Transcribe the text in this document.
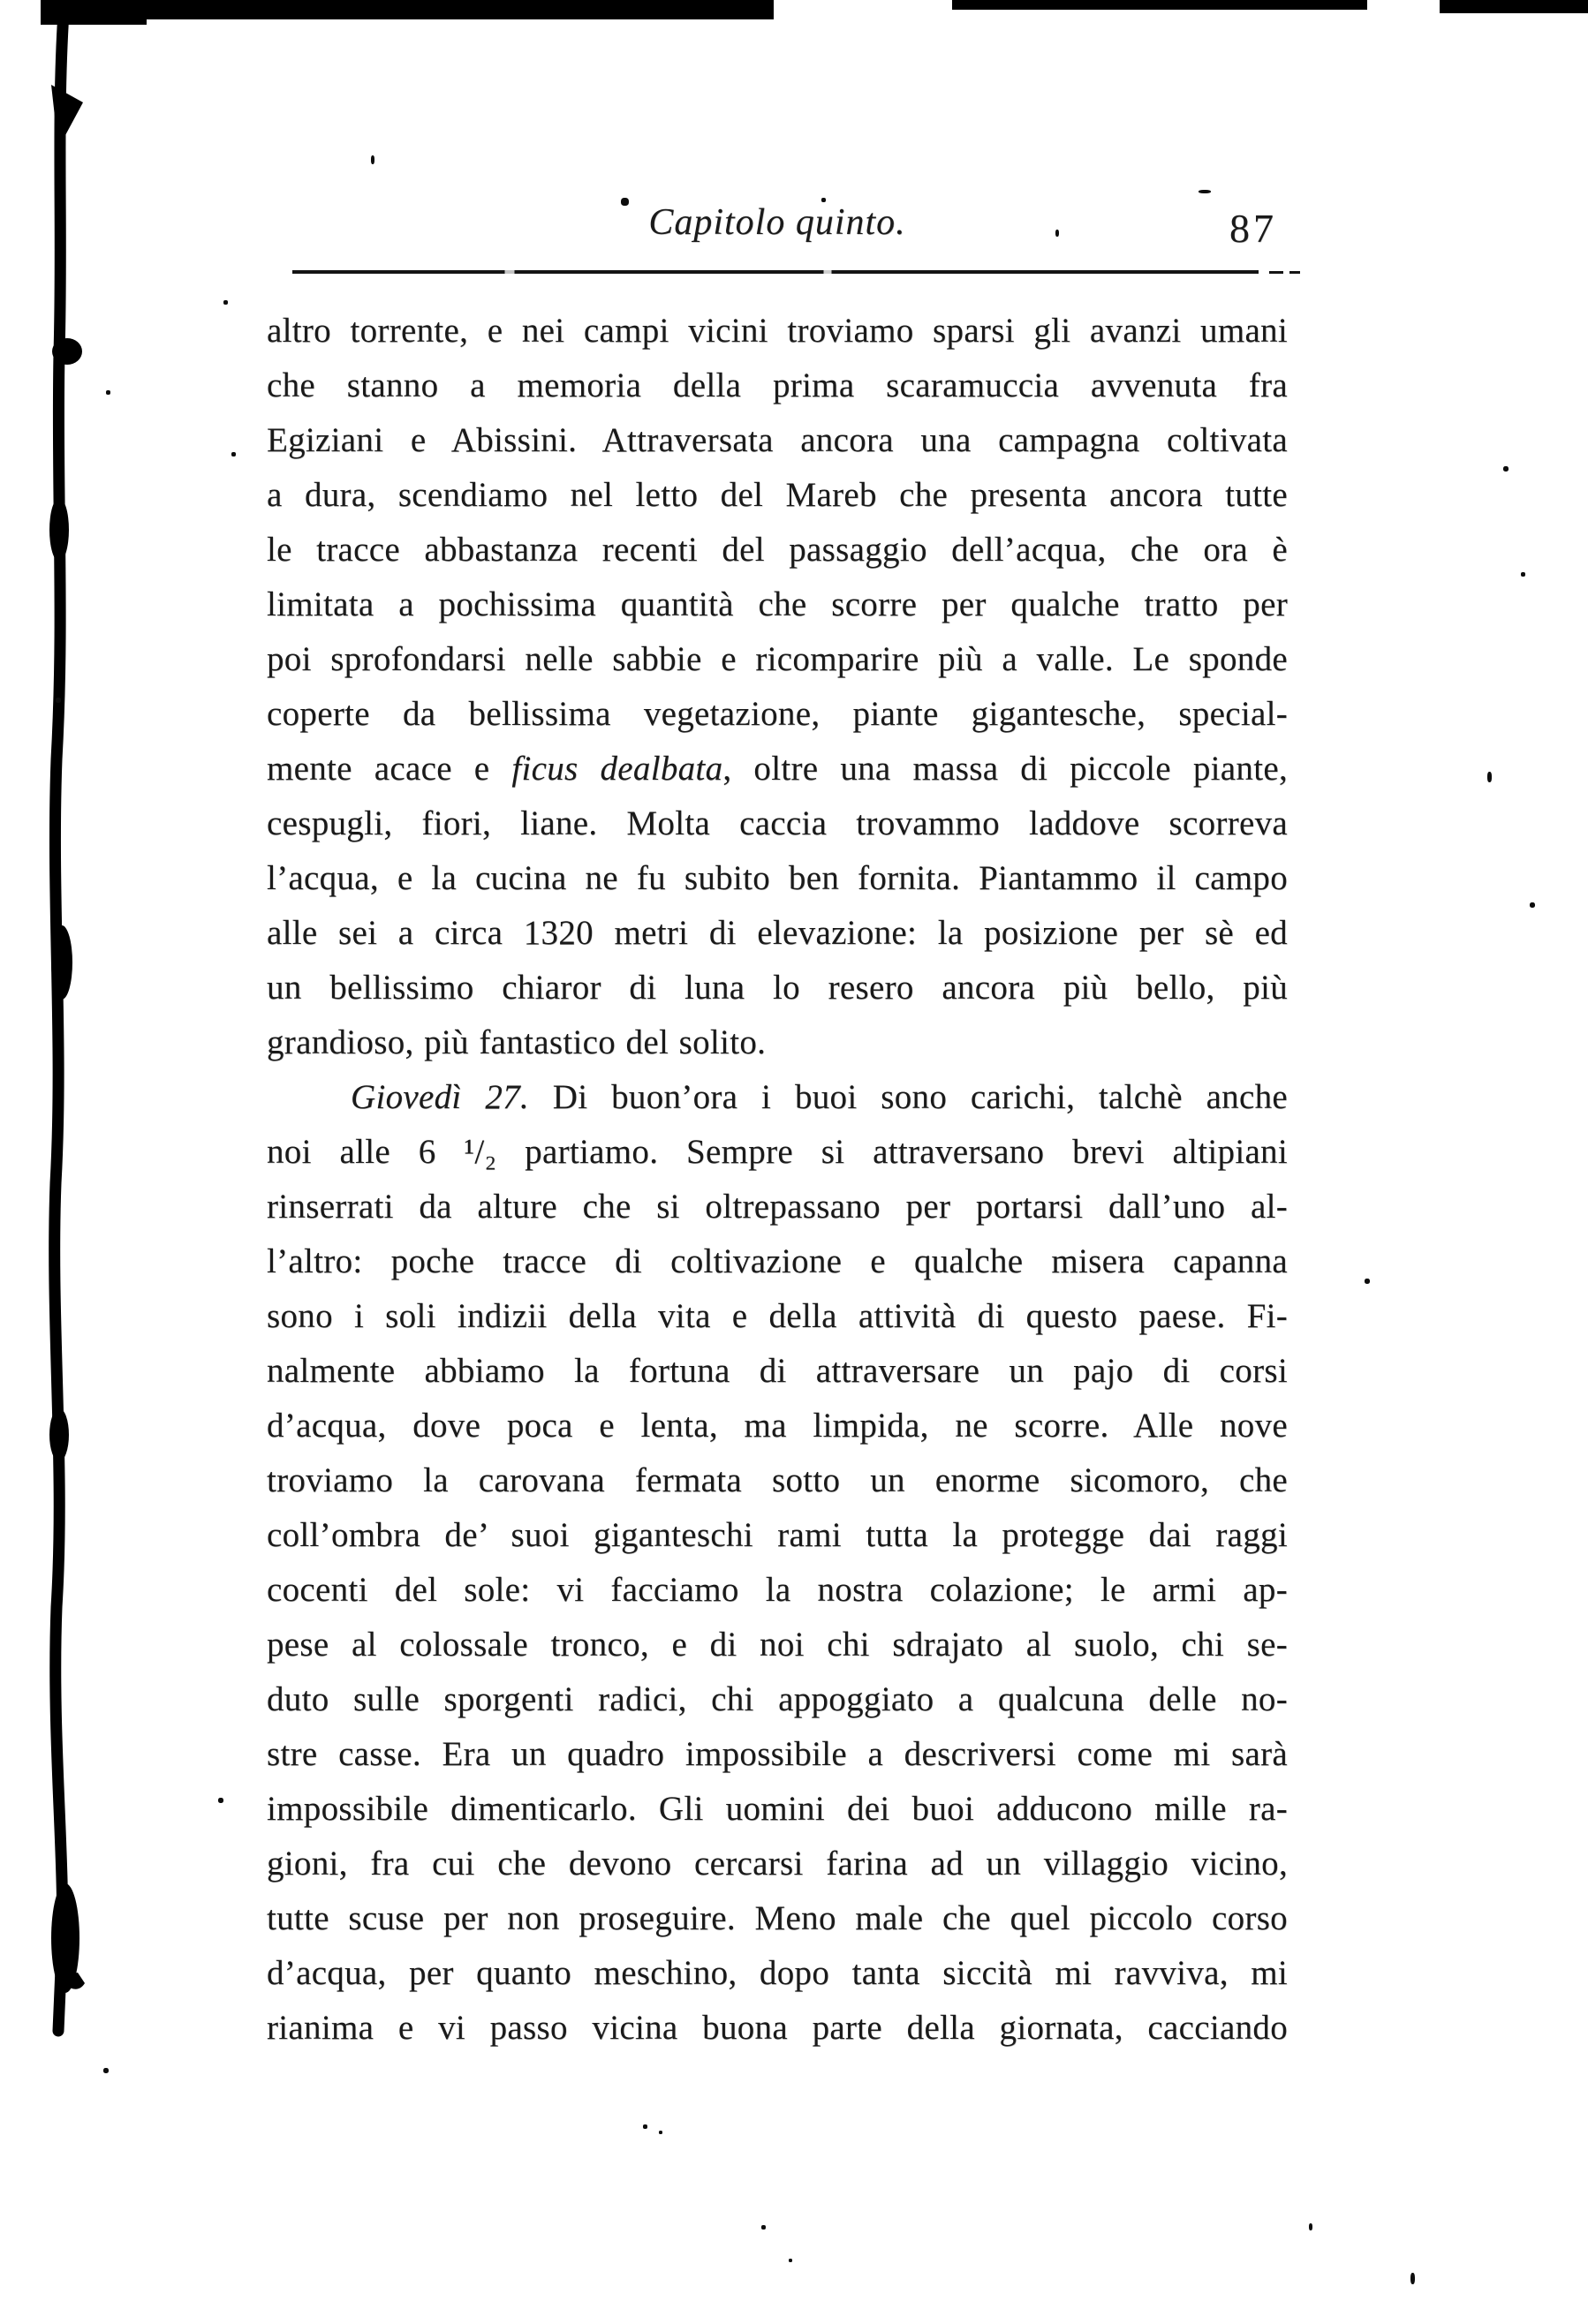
Capitolo quinto.	87
altro torrente, e nei campi vicini troviamo sparsi gli avanzi umani
che stanno a memoria della prima scaramuccia avvenuta fra
Egiziani e Abissini. Attraversata ancora una campagna coltivata
a dura, scendiamo nel letto del Mareb che presenta ancora tutte
le tracce abbastanza recenti del passaggio dell’acqua, che ora è
limitata a pochissima quantità che scorre per qualche tratto per
poi sprofondarsi nelle sabbie e ricomparire più a valle. Le sponde
coperte da bellissima vegetazione, piante gigantesche, special-
mente acace e ficus dealbata, oltre una massa di piccole piante,
cespugli, fiori, liane. Molta caccia trovammo laddove scorreva
l’acqua, e la cucina ne fu subito ben fornita. Piantammo il campo
alle sei a circa 1320 metri di elevazione: la posizione per sè ed
un bellissimo chiaror di luna lo resero ancora più bello, più
grandioso, più fantastico del solito.
Giovedì 27. Di buon’ora i buoi sono carichi, talchè anche
noi alle 6 ¹/₂ partiamo. Sempre si attraversano brevi altipiani
rinserrati da alture che si oltrepassano per portarsi dall’uno al-
l’altro: poche tracce di coltivazione e qualche misera capanna
sono i soli indizii della vita e della attività di questo paese. Fi-
nalmente abbiamo la fortuna di attraversare un pajo di corsi
d’acqua, dove poca e lenta, ma limpida, ne scorre. Alle nove
troviamo la carovana fermata sotto un enorme sicomoro, che
coll’ombra de’ suoi giganteschi rami tutta la protegge dai raggi
cocenti del sole: vi facciamo la nostra colazione; le armi ap-
pese al colossale tronco, e di noi chi sdrajato al suolo, chi se-
duto sulle sporgenti radici, chi appoggiato a qualcuna delle no-
stre casse. Era un quadro impossibile a descriversi come mi sarà
impossibile dimenticarlo. Gli uomini dei buoi adducono mille ra-
gioni, fra cui che devono cercarsi farina ad un villaggio vicino,
tutte scuse per non proseguire. Meno male che quel piccolo corso
d’acqua, per quanto meschino, dopo tanta siccità mi ravviva, mi
rianima e vi passo vicina buona parte della giornata, cacciando
